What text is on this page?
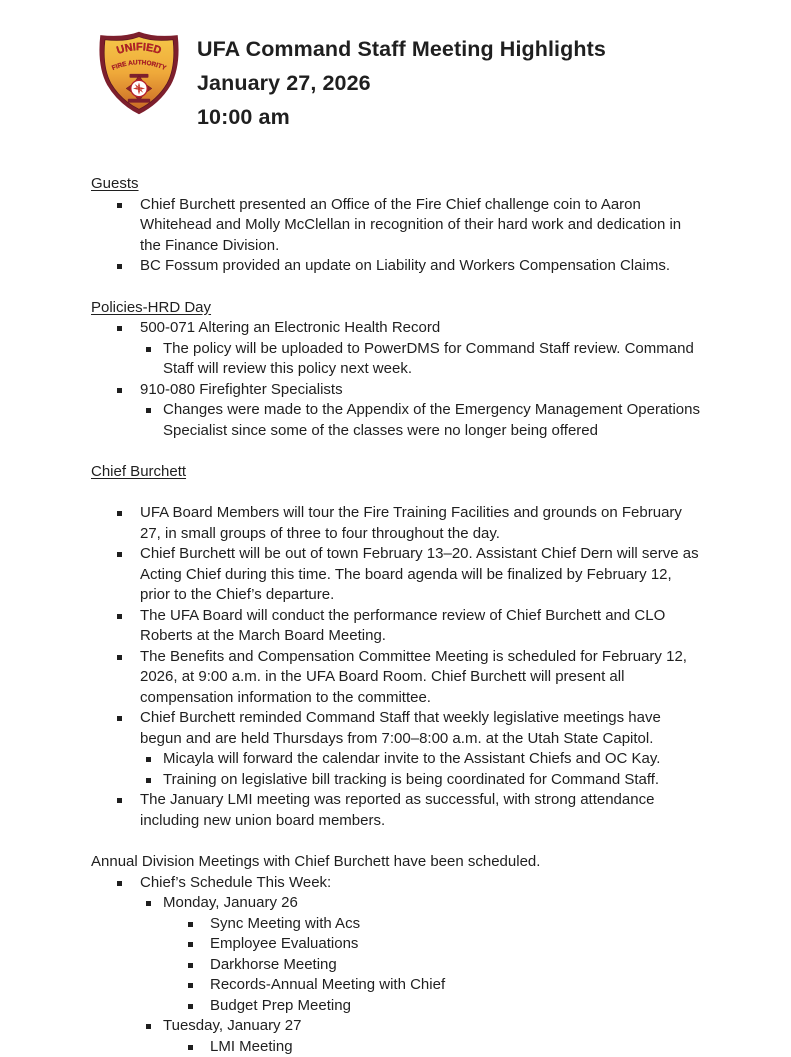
UNIFIED
FIRE AUTHORITY
UFA Command Staff Meeting Highlights
January 27, 2026
10:00 am
Guests
Chief Burchett presented an Office of the Fire Chief challenge coin to Aaron Whitehead and Molly McClellan in recognition of their hard work and dedication in the Finance Division.
BC Fossum provided an update on Liability and Workers Compensation Claims.
Policies-HRD Day
500-071 Altering an Electronic Health Record
The policy will be uploaded to PowerDMS for Command Staff review. Command Staff will review this policy next week.
910-080 Firefighter Specialists
Changes were made to the Appendix of the Emergency Management Operations Specialist since some of the classes were no longer being offered
Chief Burchett
UFA Board Members will tour the Fire Training Facilities and grounds on February 27, in small groups of three to four throughout the day.
Chief Burchett will be out of town February 13–20. Assistant Chief Dern will serve as Acting Chief during this time. The board agenda will be finalized by February 12, prior to the Chief’s departure.
The UFA Board will conduct the performance review of Chief Burchett and CLO Roberts at the March Board Meeting.
The Benefits and Compensation Committee Meeting is scheduled for February 12, 2026, at 9:00 a.m. in the UFA Board Room. Chief Burchett will present all compensation information to the committee.
Chief Burchett reminded Command Staff that weekly legislative meetings have begun and are held Thursdays from 7:00–8:00 a.m. at the Utah State Capitol.
Micayla will forward the calendar invite to the Assistant Chiefs and OC Kay.
Training on legislative bill tracking is being coordinated for Command Staff.
The January LMI meeting was reported as successful, with strong attendance including new union board members.

Annual Division Meetings with Chief Burchett have been scheduled.

Chief’s Schedule This Week:
Monday, January 26
Sync Meeting with Acs
Employee Evaluations
Darkhorse Meeting
Records-Annual Meeting with Chief
Budget Prep Meeting
Tuesday, January 27
LMI Meeting
